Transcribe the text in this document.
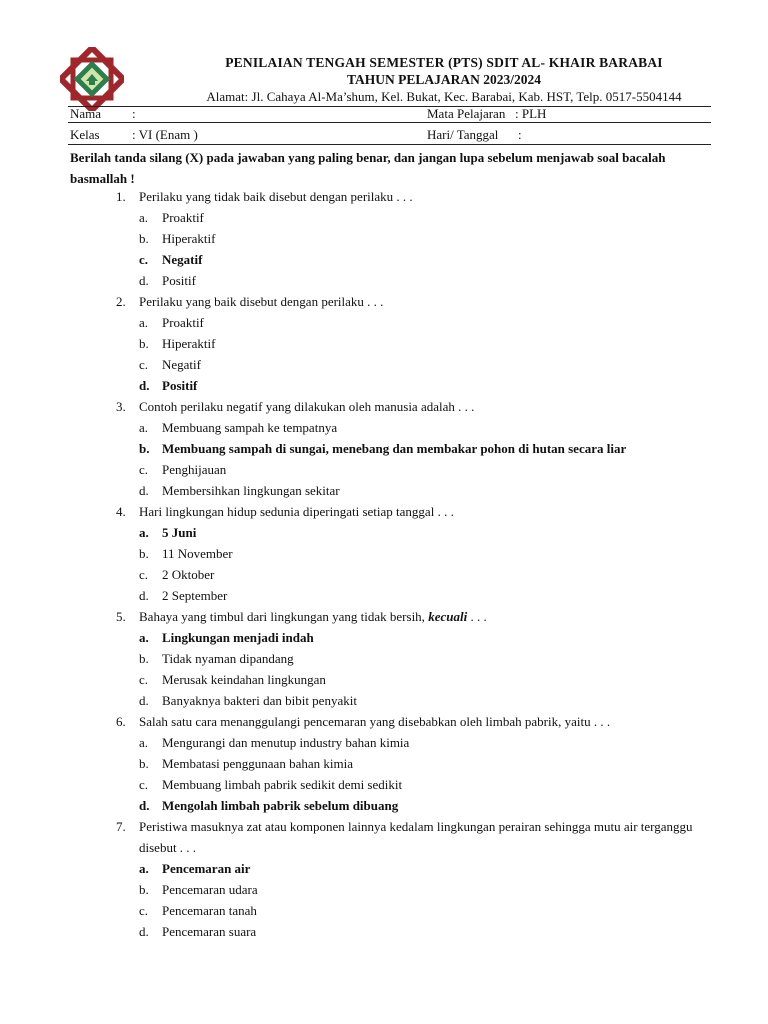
PENILAIAN TENGAH SEMESTER (PTS) SDIT AL- KHAIR BARABAI
TAHUN PELAJARAN 2023/2024
Alamat: Jl. Cahaya Al-Ma’shum, Kel. Bukat, Kec. Barabai, Kab. HST, Telp. 0517-5504144
Nama :	Mata Pelajaran : PLH
Kelas : VI (Enam )	Hari/ Tanggal :
Berilah tanda silang (X) pada jawaban yang paling benar, dan jangan lupa sebelum menjawab soal bacalah basmallah !
1. Perilaku yang tidak baik disebut dengan perilaku . . .
a. Proaktif
b. Hiperaktif
c. Negatif
d. Positif
2. Perilaku yang baik disebut dengan perilaku . . .
a. Proaktif
b. Hiperaktif
c. Negatif
d. Positif
3. Contoh perilaku negatif yang dilakukan oleh manusia adalah . . .
a. Membuang sampah ke tempatnya
b. Membuang sampah di sungai, menebang dan membakar pohon di hutan secara liar
c. Penghijauan
d. Membersihkan lingkungan sekitar
4. Hari lingkungan hidup sedunia diperingati setiap tanggal . . .
a. 5 Juni
b. 11 November
c. 2 Oktober
d. 2 September
5. Bahaya yang timbul dari lingkungan yang tidak bersih, kecuali . . .
a. Lingkungan menjadi indah
b. Tidak nyaman dipandang
c. Merusak keindahan lingkungan
d. Banyaknya bakteri dan bibit penyakit
6. Salah satu cara menanggulangi pencemaran yang disebabkan oleh limbah pabrik, yaitu . . .
a. Mengurangi dan menutup industry bahan kimia
b. Membatasi penggunaan bahan kimia
c. Membuang limbah pabrik sedikit demi sedikit
d. Mengolah limbah pabrik sebelum dibuang
7. Peristiwa masuknya zat atau komponen lainnya kedalam lingkungan perairan sehingga mutu air terganggu disebut . . .
a. Pencemaran air
b. Pencemaran udara
c. Pencemaran tanah
d. Pencemaran suara
